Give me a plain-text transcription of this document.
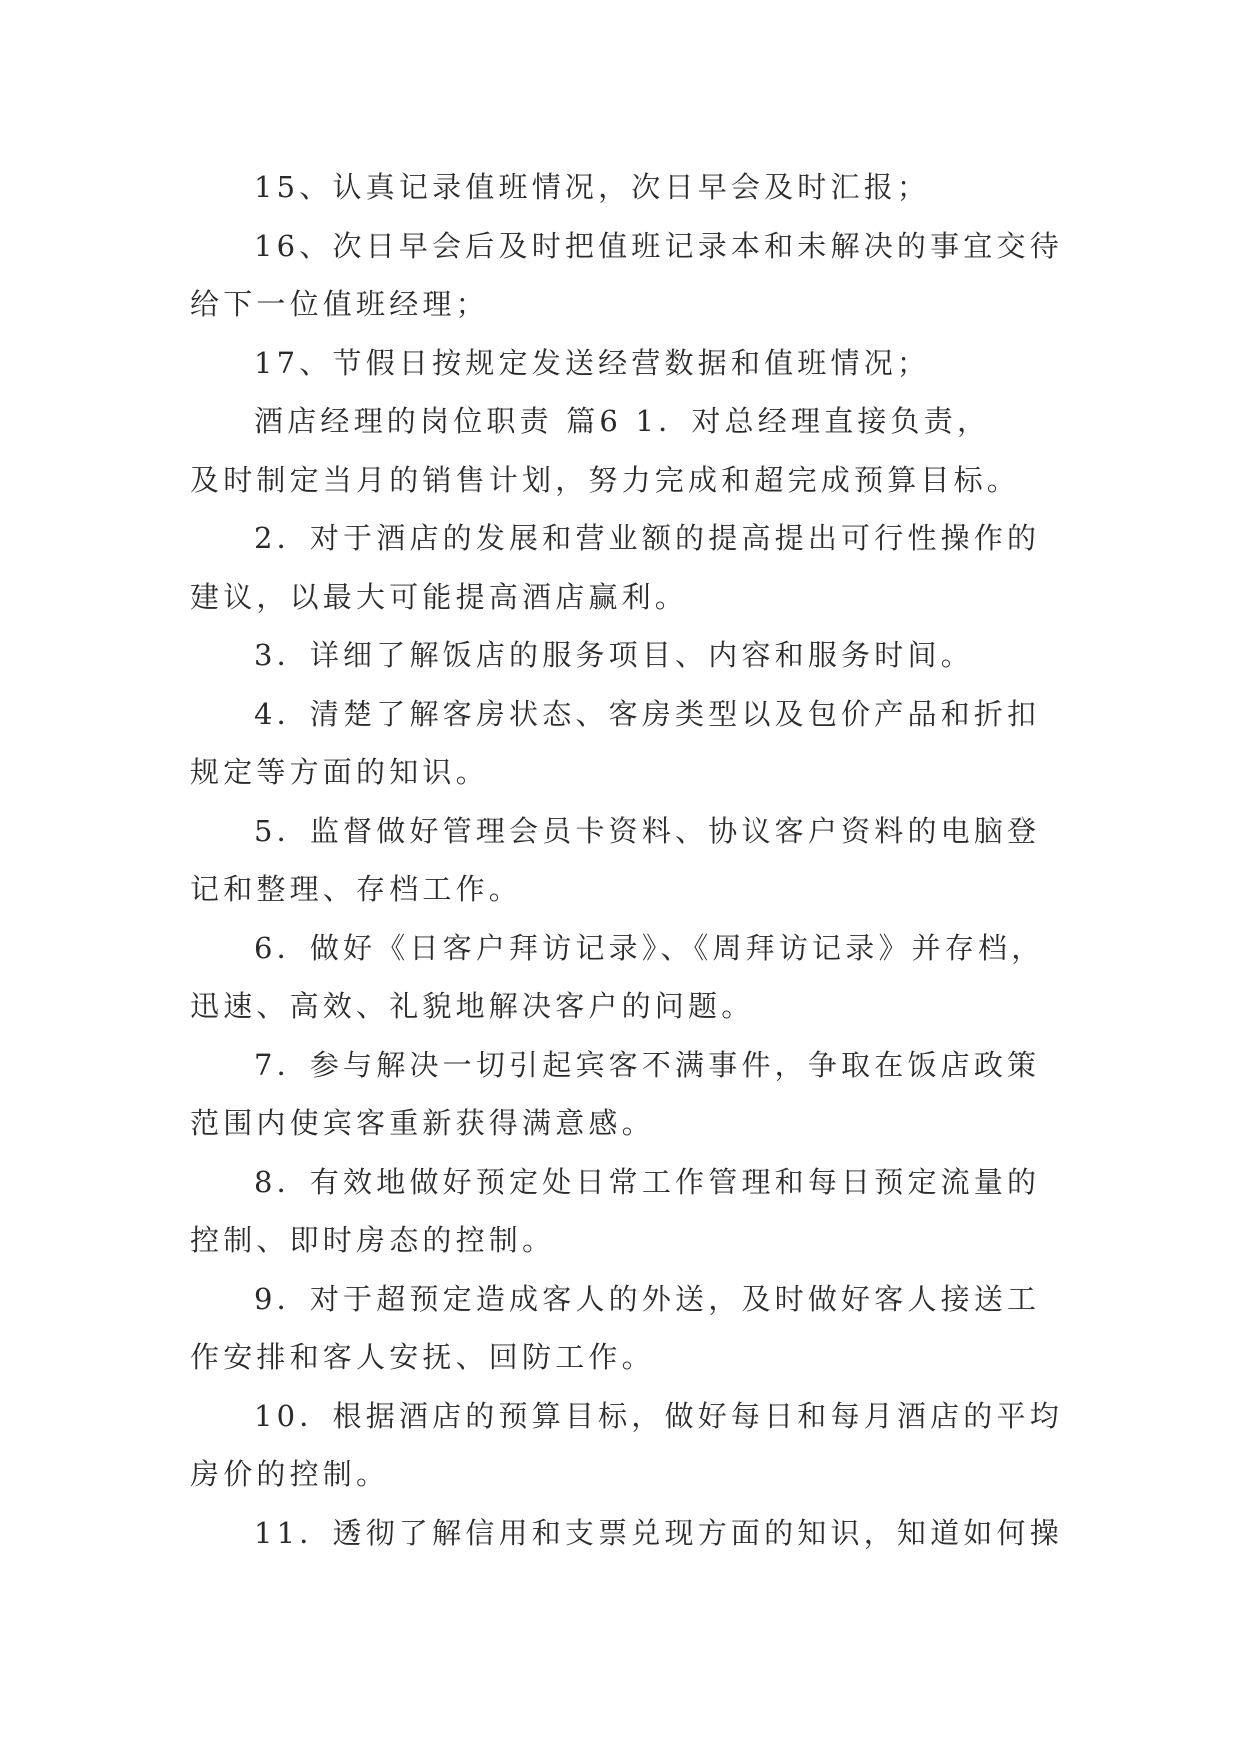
15、认真记录值班情况，次日早会及时汇报；
16、次日早会后及时把值班记录本和未解决的事宜交待
给下一位值班经理；
17、节假日按规定发送经营数据和值班情况；
酒店经理的岗位职责 篇6 1．对总经理直接负责，
及时制定当月的销售计划，努力完成和超完成预算目标。
2．对于酒店的发展和营业额的提高提出可行性操作的
建议，以最大可能提高酒店赢利。
3．详细了解饭店的服务项目、内容和服务时间。
4．清楚了解客房状态、客房类型以及包价产品和折扣
规定等方面的知识。
5．监督做好管理会员卡资料、协议客户资料的电脑登
记和整理、存档工作。
6．做好《日客户拜访记录》、《周拜访记录》并存档，
迅速、高效、礼貌地解决客户的问题。
7．参与解决一切引起宾客不满事件，争取在饭店政策
范围内使宾客重新获得满意感。
8．有效地做好预定处日常工作管理和每日预定流量的
控制、即时房态的控制。
9．对于超预定造成客人的外送，及时做好客人接送工
作安排和客人安抚、回防工作。
10．根据酒店的预算目标，做好每日和每月酒店的平均
房价的控制。
11．透彻了解信用和支票兑现方面的知识，知道如何操
